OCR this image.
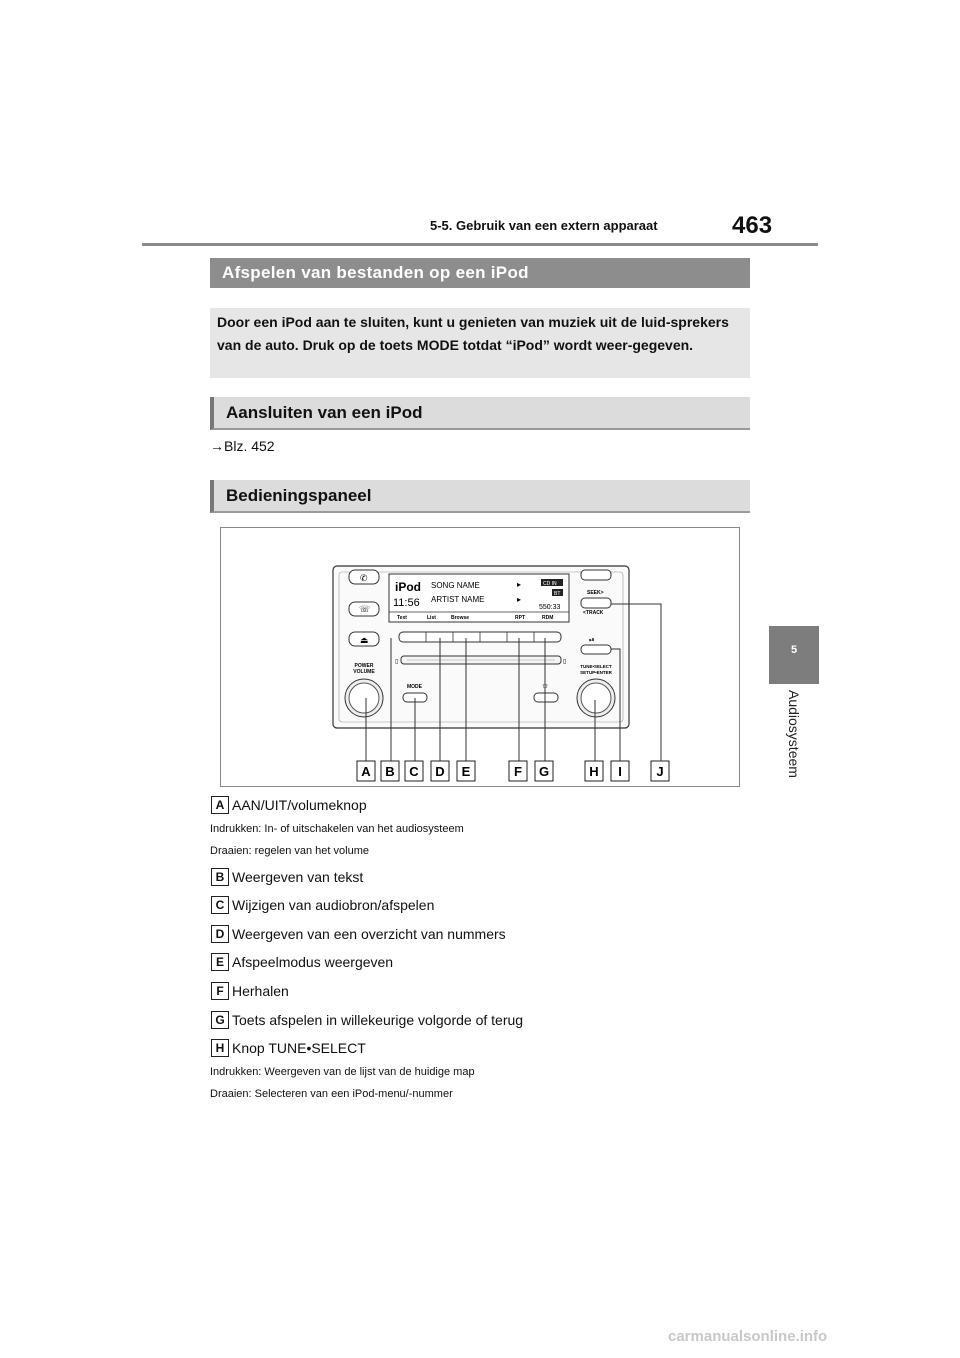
5-5. Gebruik van een extern apparaat	463
5
Audiosysteem
Afspelen van bestanden op een iPod
Door een iPod aan te sluiten, kunt u genieten van muziek uit de luid-sprekers van de auto. Druk op de toets MODE totdat “iPod” wordt weer-gegeven.
Aansluiten van een iPod
→Blz. 452
Bedieningspaneel
✆
☏
⏏
POWER VOLUME
iPod
11:56
SONG NAME
ARTIST NAME
▸
▸
CD IN
BT
550:33
Text	List	Browse	RPT	RDM
▯	▯
MODE	☼
SEEK>
<TRACK
⏯
TUNE•SELECT SETUP•ENTER
A B C D E	F G	H I	J
A AAN/UIT/volumeknop
Indrukken: In- of uitschakelen van het audiosysteem
Draaien: regelen van het volume
B Weergeven van tekst
C Wijzigen van audiobron/afspelen
D Weergeven van een overzicht van nummers
E Afspeelmodus weergeven
F Herhalen
G Toets afspelen in willekeurige volgorde of terug
H Knop TUNE•SELECT
Indrukken: Weergeven van de lijst van de huidige map
Draaien: Selecteren van een iPod-menu/-nummer
carmanualsonline.info
